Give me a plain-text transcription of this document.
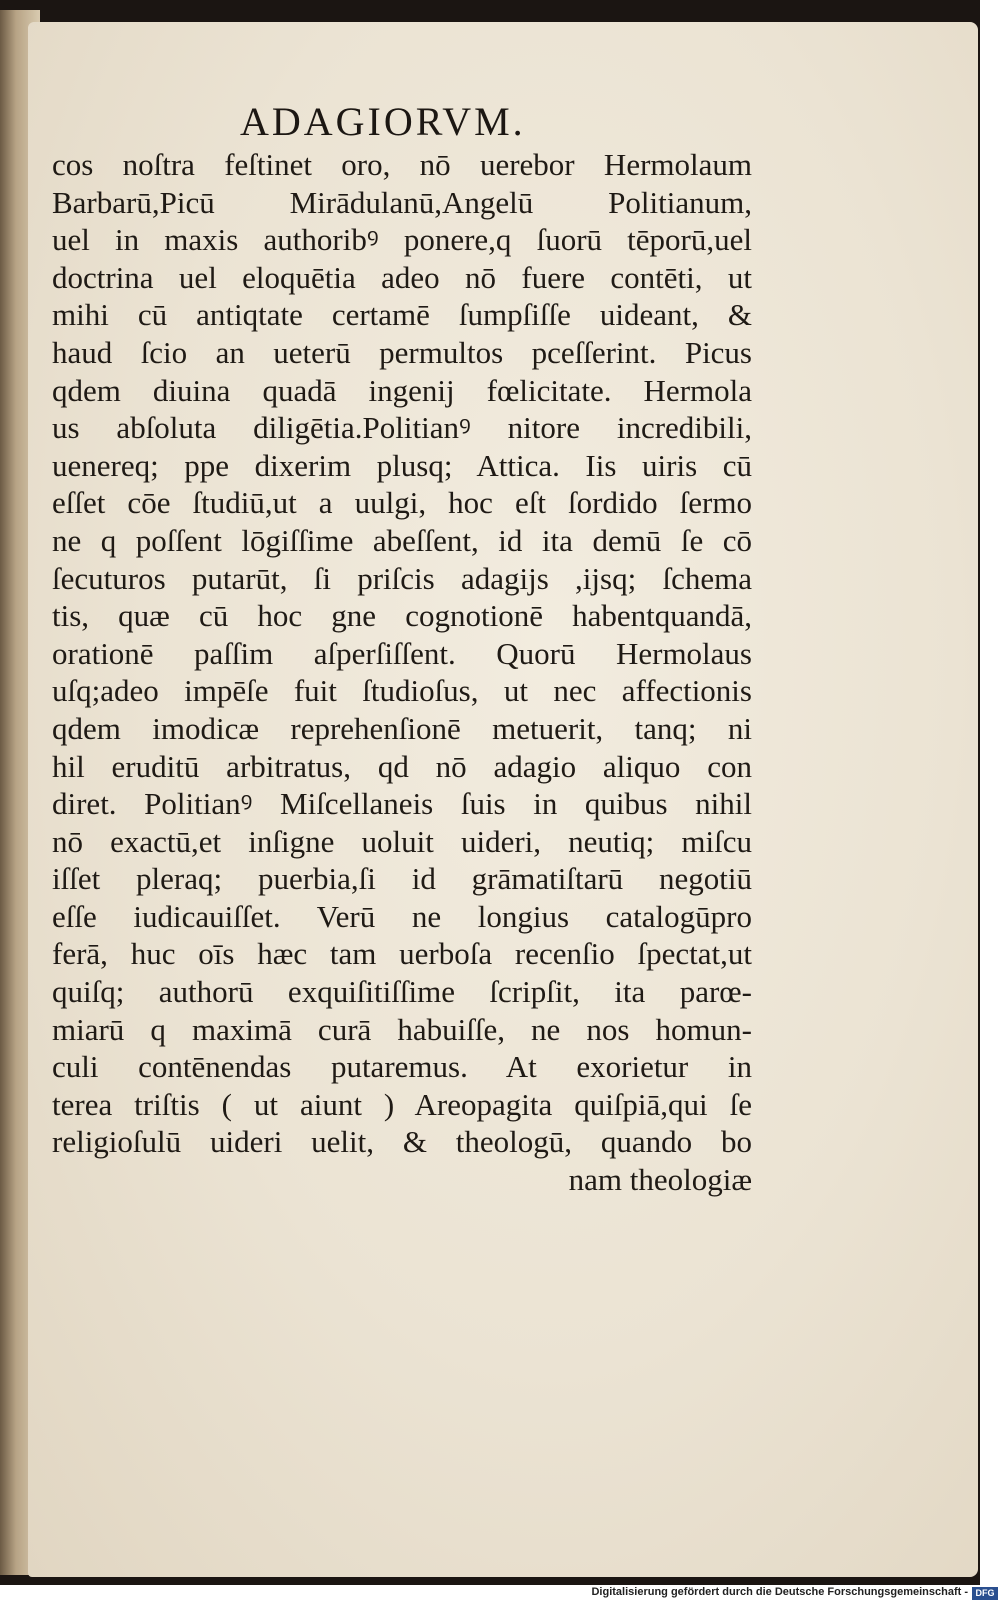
ADAGIORVM.
cos noſtra feſtinet oro, nō uerebor Hermolaum
Barbarū,Picū Mirādulanū,Angelū Politianum,
uel in maxis authoribꝰ ponere,q ſuorū tēporū,uel
doctrina uel eloquētia adeo nō fuere contēti, ut
mihi cū antiqtate certamē ſumpſiſſe uideant, &
haud ſcio an ueterū permultos pceſſerint. Picus
qdem diuina quadā ingenij fœlicitate. Hermola
us abſoluta diligētia.Politianꝰ nitore incredibili,
uenereq; ppe dixerim plusq; Attica. Iis uiris cū
eſſet cōe ſtudiū,ut a uulgi, hoc eſt ſordido ſermo
ne q poſſent lōgiſſime abeſſent, id ita demū ſe cō
ſecuturos putarūt, ſi priſcis adagijs ,ijsq; ſchema
tis, quæ cū hoc gne cognotionē habentquandā,
orationē paſſim aſperſiſſent. Quorū Hermolaus
uſq;adeo impēſe fuit ſtudioſus, ut nec affectionis
qdem imodicæ reprehenſionē metuerit, tanq; ni
hil eruditū arbitratus, qd nō adagio aliquo con
diret. Politianꝰ Miſcellaneis ſuis in quibus nihil
nō exactū,et inſigne uoluit uideri, neutiq; miſcu
iſſet pleraq; puerbia,ſi id grāmatiſtarū negotiū
eſſe iudicauiſſet. Verū ne longius catalogūpro
ferā, huc oīs hæc tam uerboſa recenſio ſpectat,ut
quiſq; authorū exquiſitiſſime ſcripſit, ita parœ-
miarū q maximā curā habuiſſe, ne nos homun-
culi contēnendas putaremus. At exorietur in
terea triſtis ( ut aiunt ) Areopagita quiſpiā,qui ſe
religioſulū uideri uelit, & theologū, quando bo
nam theologiæ
Digitalisierung gefördert durch die Deutsche Forschungsgemeinschaft - DFG
